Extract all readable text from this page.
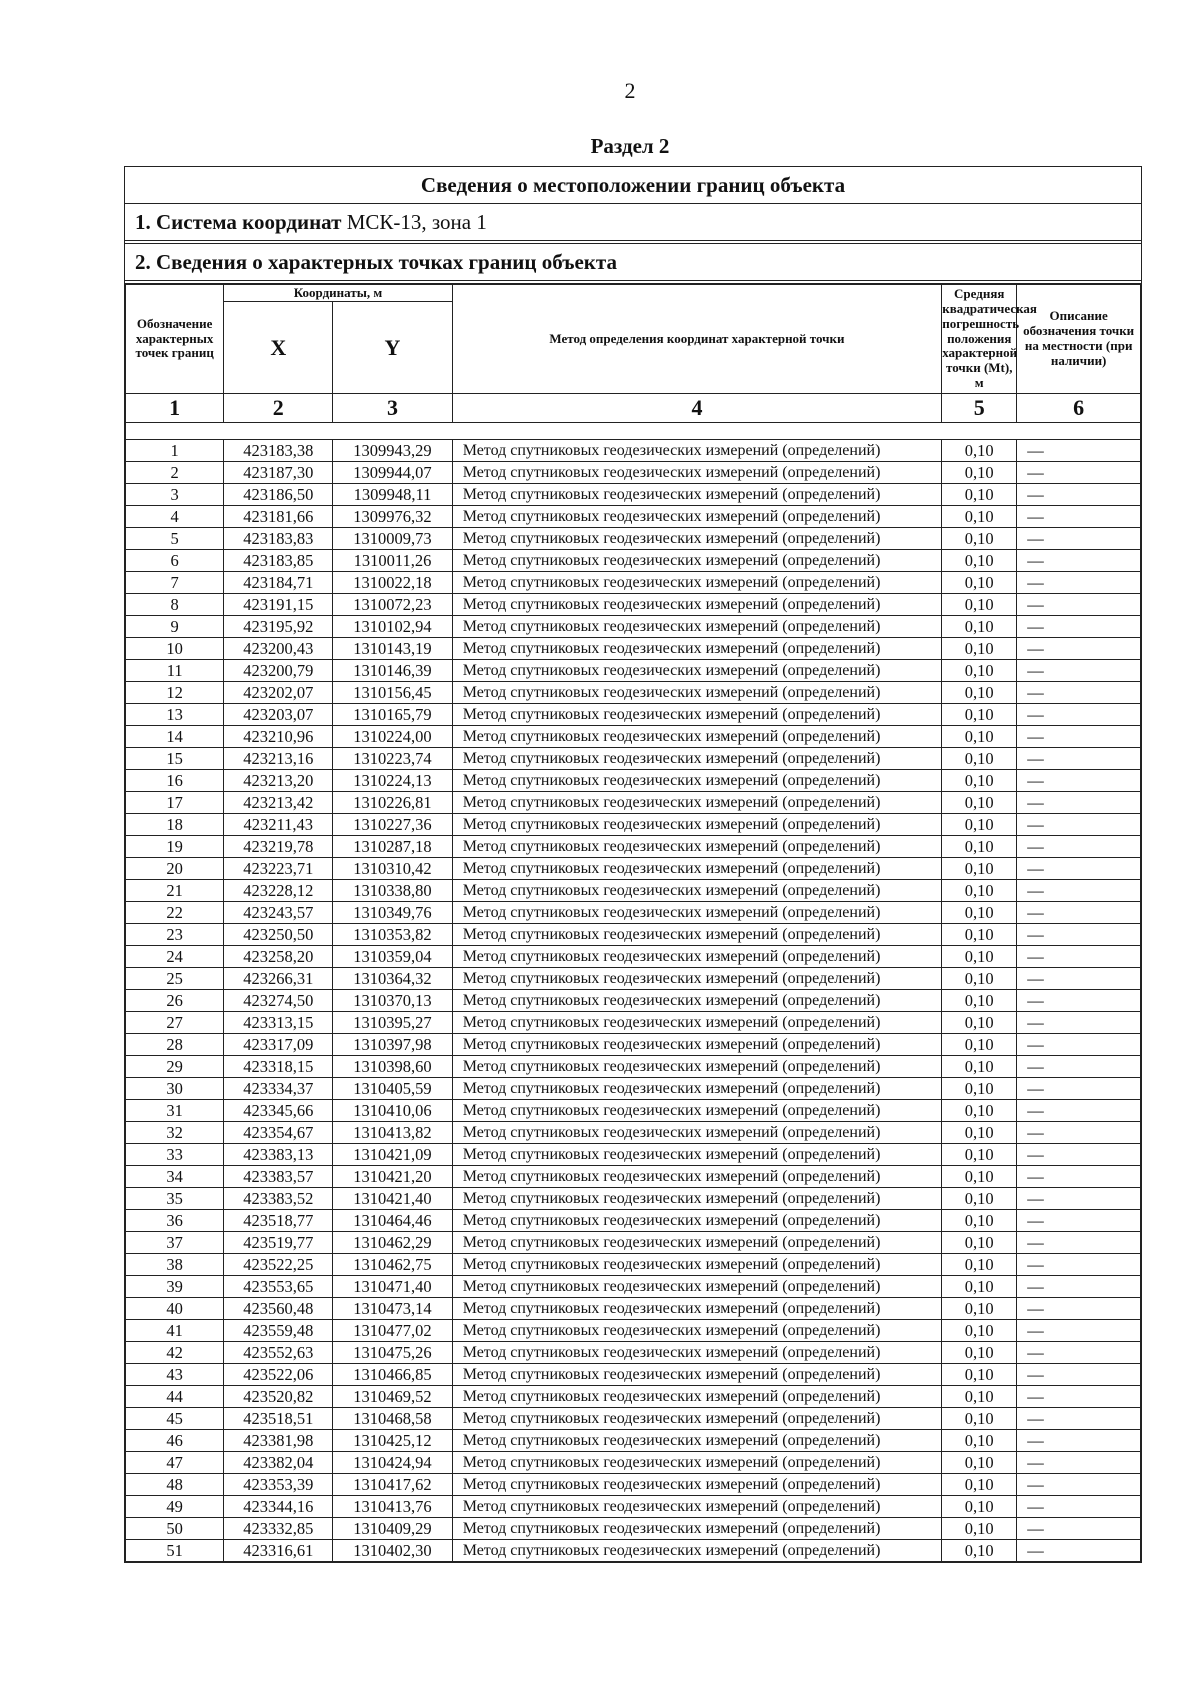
2
Раздел 2
Сведения о местоположении границ объекта
1. Система координат МСК-13, зона 1
2. Сведения о характерных точках границ объекта
Обозначение характерных точек границ	Координаты, м		Метод определения координат характерной точки	Средняя квадратическая погрешность положения характерной точки (Mt), м	Описание обозначения точки на местности (при наличии)
	X	Y			
1	2	3	4	5	6

1	423183,38	1309943,29	Метод спутниковых геодезических измерений (определений)	0,10	—
2	423187,30	1309944,07	Метод спутниковых геодезических измерений (определений)	0,10	—
3	423186,50	1309948,11	Метод спутниковых геодезических измерений (определений)	0,10	—
4	423181,66	1309976,32	Метод спутниковых геодезических измерений (определений)	0,10	—
5	423183,83	1310009,73	Метод спутниковых геодезических измерений (определений)	0,10	—
6	423183,85	1310011,26	Метод спутниковых геодезических измерений (определений)	0,10	—
7	423184,71	1310022,18	Метод спутниковых геодезических измерений (определений)	0,10	—
8	423191,15	1310072,23	Метод спутниковых геодезических измерений (определений)	0,10	—
9	423195,92	1310102,94	Метод спутниковых геодезических измерений (определений)	0,10	—
10	423200,43	1310143,19	Метод спутниковых геодезических измерений (определений)	0,10	—
11	423200,79	1310146,39	Метод спутниковых геодезических измерений (определений)	0,10	—
12	423202,07	1310156,45	Метод спутниковых геодезических измерений (определений)	0,10	—
13	423203,07	1310165,79	Метод спутниковых геодезических измерений (определений)	0,10	—
14	423210,96	1310224,00	Метод спутниковых геодезических измерений (определений)	0,10	—
15	423213,16	1310223,74	Метод спутниковых геодезических измерений (определений)	0,10	—
16	423213,20	1310224,13	Метод спутниковых геодезических измерений (определений)	0,10	—
17	423213,42	1310226,81	Метод спутниковых геодезических измерений (определений)	0,10	—
18	423211,43	1310227,36	Метод спутниковых геодезических измерений (определений)	0,10	—
19	423219,78	1310287,18	Метод спутниковых геодезических измерений (определений)	0,10	—
20	423223,71	1310310,42	Метод спутниковых геодезических измерений (определений)	0,10	—
21	423228,12	1310338,80	Метод спутниковых геодезических измерений (определений)	0,10	—
22	423243,57	1310349,76	Метод спутниковых геодезических измерений (определений)	0,10	—
23	423250,50	1310353,82	Метод спутниковых геодезических измерений (определений)	0,10	—
24	423258,20	1310359,04	Метод спутниковых геодезических измерений (определений)	0,10	—
25	423266,31	1310364,32	Метод спутниковых геодезических измерений (определений)	0,10	—
26	423274,50	1310370,13	Метод спутниковых геодезических измерений (определений)	0,10	—
27	423313,15	1310395,27	Метод спутниковых геодезических измерений (определений)	0,10	—
28	423317,09	1310397,98	Метод спутниковых геодезических измерений (определений)	0,10	—
29	423318,15	1310398,60	Метод спутниковых геодезических измерений (определений)	0,10	—
30	423334,37	1310405,59	Метод спутниковых геодезических измерений (определений)	0,10	—
31	423345,66	1310410,06	Метод спутниковых геодезических измерений (определений)	0,10	—
32	423354,67	1310413,82	Метод спутниковых геодезических измерений (определений)	0,10	—
33	423383,13	1310421,09	Метод спутниковых геодезических измерений (определений)	0,10	—
34	423383,57	1310421,20	Метод спутниковых геодезических измерений (определений)	0,10	—
35	423383,52	1310421,40	Метод спутниковых геодезических измерений (определений)	0,10	—
36	423518,77	1310464,46	Метод спутниковых геодезических измерений (определений)	0,10	—
37	423519,77	1310462,29	Метод спутниковых геодезических измерений (определений)	0,10	—
38	423522,25	1310462,75	Метод спутниковых геодезических измерений (определений)	0,10	—
39	423553,65	1310471,40	Метод спутниковых геодезических измерений (определений)	0,10	—
40	423560,48	1310473,14	Метод спутниковых геодезических измерений (определений)	0,10	—
41	423559,48	1310477,02	Метод спутниковых геодезических измерений (определений)	0,10	—
42	423552,63	1310475,26	Метод спутниковых геодезических измерений (определений)	0,10	—
43	423522,06	1310466,85	Метод спутниковых геодезических измерений (определений)	0,10	—
44	423520,82	1310469,52	Метод спутниковых геодезических измерений (определений)	0,10	—
45	423518,51	1310468,58	Метод спутниковых геодезических измерений (определений)	0,10	—
46	423381,98	1310425,12	Метод спутниковых геодезических измерений (определений)	0,10	—
47	423382,04	1310424,94	Метод спутниковых геодезических измерений (определений)	0,10	—
48	423353,39	1310417,62	Метод спутниковых геодезических измерений (определений)	0,10	—
49	423344,16	1310413,76	Метод спутниковых геодезических измерений (определений)	0,10	—
50	423332,85	1310409,29	Метод спутниковых геодезических измерений (определений)	0,10	—
51	423316,61	1310402,30	Метод спутниковых геодезических измерений (определений)	0,10	—
